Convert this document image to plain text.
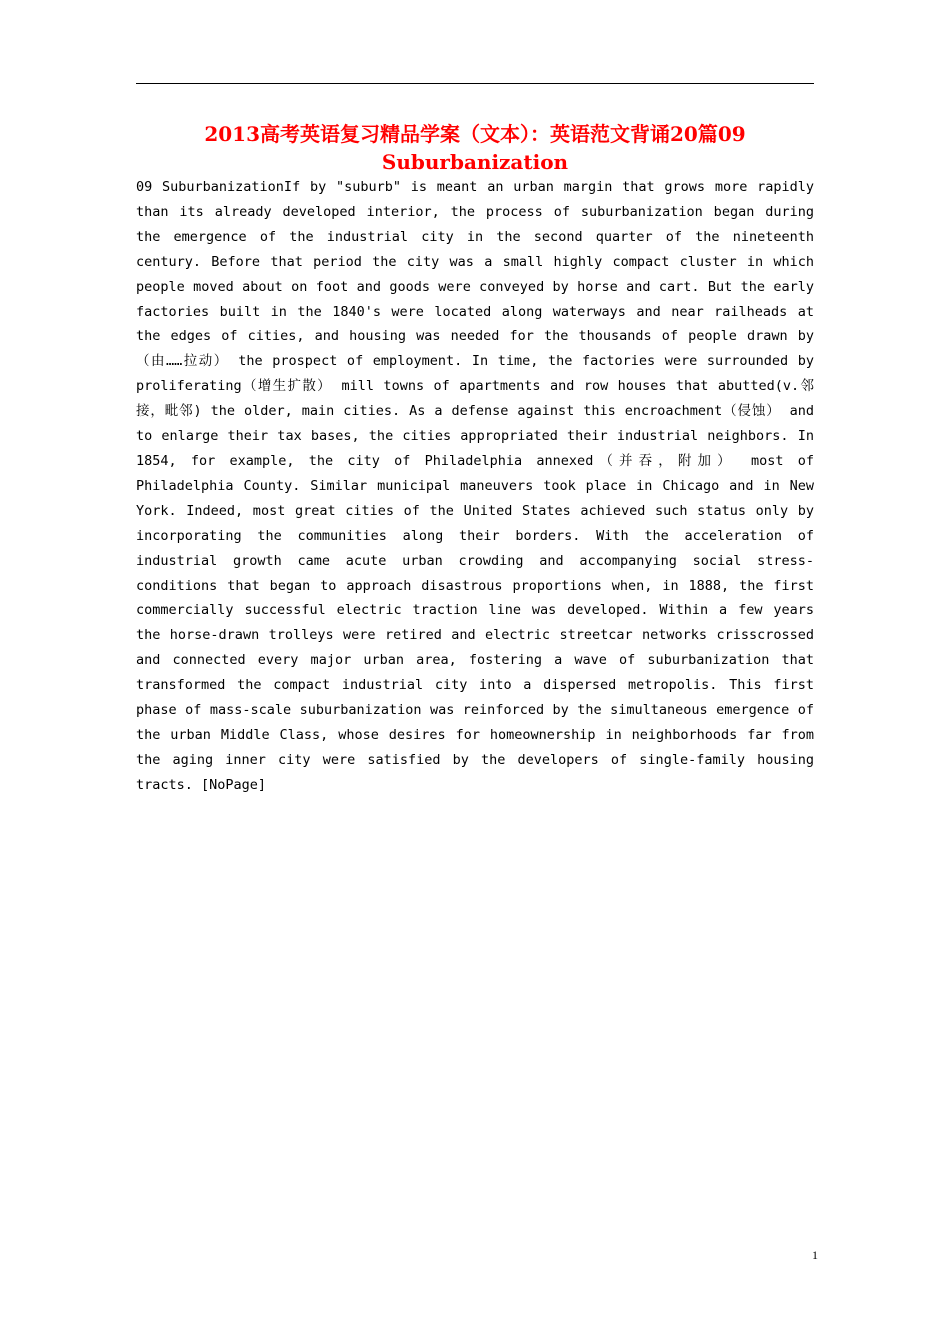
2013高考英语复习精品学案（文本）：英语范文背诵20篇09
Suburbanization

09 SuburbanizationIf by "suburb" is meant an urban margin that grows more rapidly than its already developed interior, the process of suburbanization began during the emergence of the industrial city in the second quarter of the nineteenth century. Before that period the city was a small highly compact cluster in which people moved about on foot and goods were conveyed by horse and cart. But the early factories built in the 1840's were located along waterways and near railheads at the edges of cities, and housing was needed for the thousands of people drawn by（由……拉动） the prospect of employment. In time, the factories were surrounded by proliferating（增生扩散） mill towns of apartments and row houses that abutted(v.邻接，毗邻) the older, main cities. As a defense against this encroachment（侵蚀） and to enlarge their tax bases, the cities appropriated their industrial neighbors. In 1854, for example, the city of Philadelphia annexed（并吞，附加） most of Philadelphia County. Similar municipal maneuvers took place in Chicago and in New York. Indeed, most great cities of the United States achieved such status only by incorporating the communities along their borders. With the acceleration of industrial growth came acute urban crowding and accompanying social stress-conditions that began to approach disastrous proportions when, in 1888, the first commercially successful electric traction line was developed. Within a few years the horse-drawn trolleys were retired and electric streetcar networks crisscrossed and connected every major urban area, fostering a wave of suburbanization that transformed the compact industrial city into a dispersed metropolis. This first phase of mass-scale suburbanization was reinforced by the simultaneous emergence of the urban Middle Class, whose desires for homeownership in neighborhoods far from the aging inner city were satisfied by the developers of single-family housing tracts. [NoPage]

1
